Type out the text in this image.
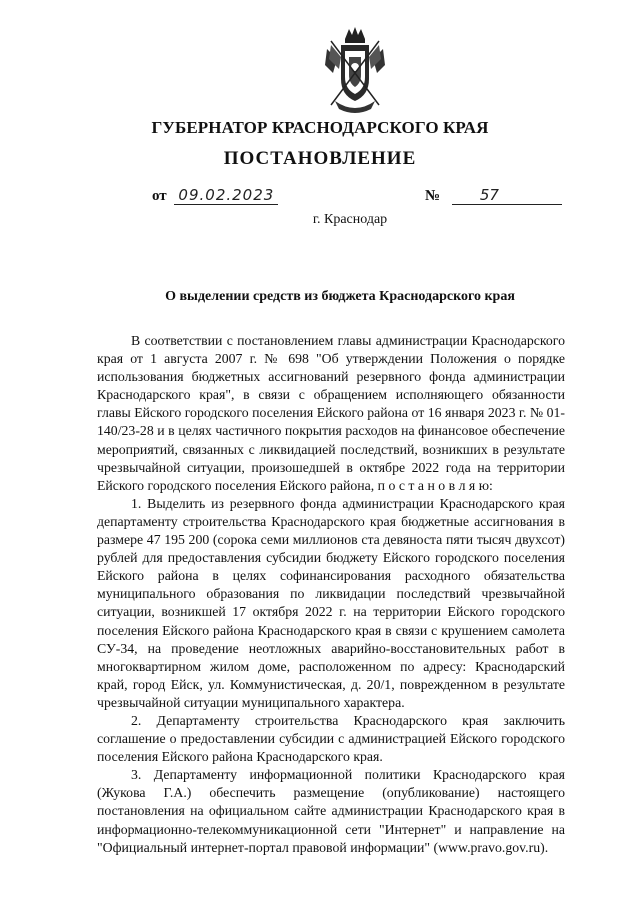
ГУБЕРНАТОР КРАСНОДАРСКОГО КРАЯ
ПОСТАНОВЛЕНИЕ
от 09.02.2023	№	57
г. Краснодар
О выделении средств из бюджета Краснодарского края

В соответствии с постановлением главы администрации Краснодарского края от 1 августа 2007 г. № 698 "Об утверждении Положения о порядке использования бюджетных ассигнований резервного фонда администрации Краснодарского края", в связи с обращением исполняющего обязанности главы Ейского городского поселения Ейского района от 16 января 2023 г. № 01-140/23-28 и в целях частичного покрытия расходов на финансовое обеспечение мероприятий, связанных с ликвидацией последствий, возникших в результате чрезвычайной ситуации, произошедшей в октябре 2022 года на территории Ейского городского поселения Ейского района, п о с т а н о в л я ю:

1. Выделить из резервного фонда администрации Краснодарского края департаменту строительства Краснодарского края бюджетные ассигнования в размере 47 195 200 (сорока семи миллионов ста девяноста пяти тысяч двухсот) рублей для предоставления субсидии бюджету Ейского городского поселения Ейского района в целях софинансирования расходного обязательства муниципального образования по ликвидации последствий чрезвычайной ситуации, возникшей 17 октября 2022 г. на территории Ейского городского поселения Ейского района Краснодарского края в связи с крушением самолета СУ-34, на проведение неотложных аварийно-восстановительных работ в многоквартирном жилом доме, расположенном по адресу: Краснодарский край, город Ейск, ул. Коммунистическая, д. 20/1, поврежденном в результате чрезвычайной ситуации муниципального характера.

2. Департаменту строительства Краснодарского края заключить соглашение о предоставлении субсидии с администрацией Ейского городского поселения Ейского района Краснодарского края.

3. Департаменту информационной политики Краснодарского края (Жукова Г.А.) обеспечить размещение (опубликование) настоящего постановления на официальном сайте администрации Краснодарского края в информационно-телекоммуникационной сети "Интернет" и направление на "Официальный интернет-портал правовой информации" (www.pravo.gov.ru).
